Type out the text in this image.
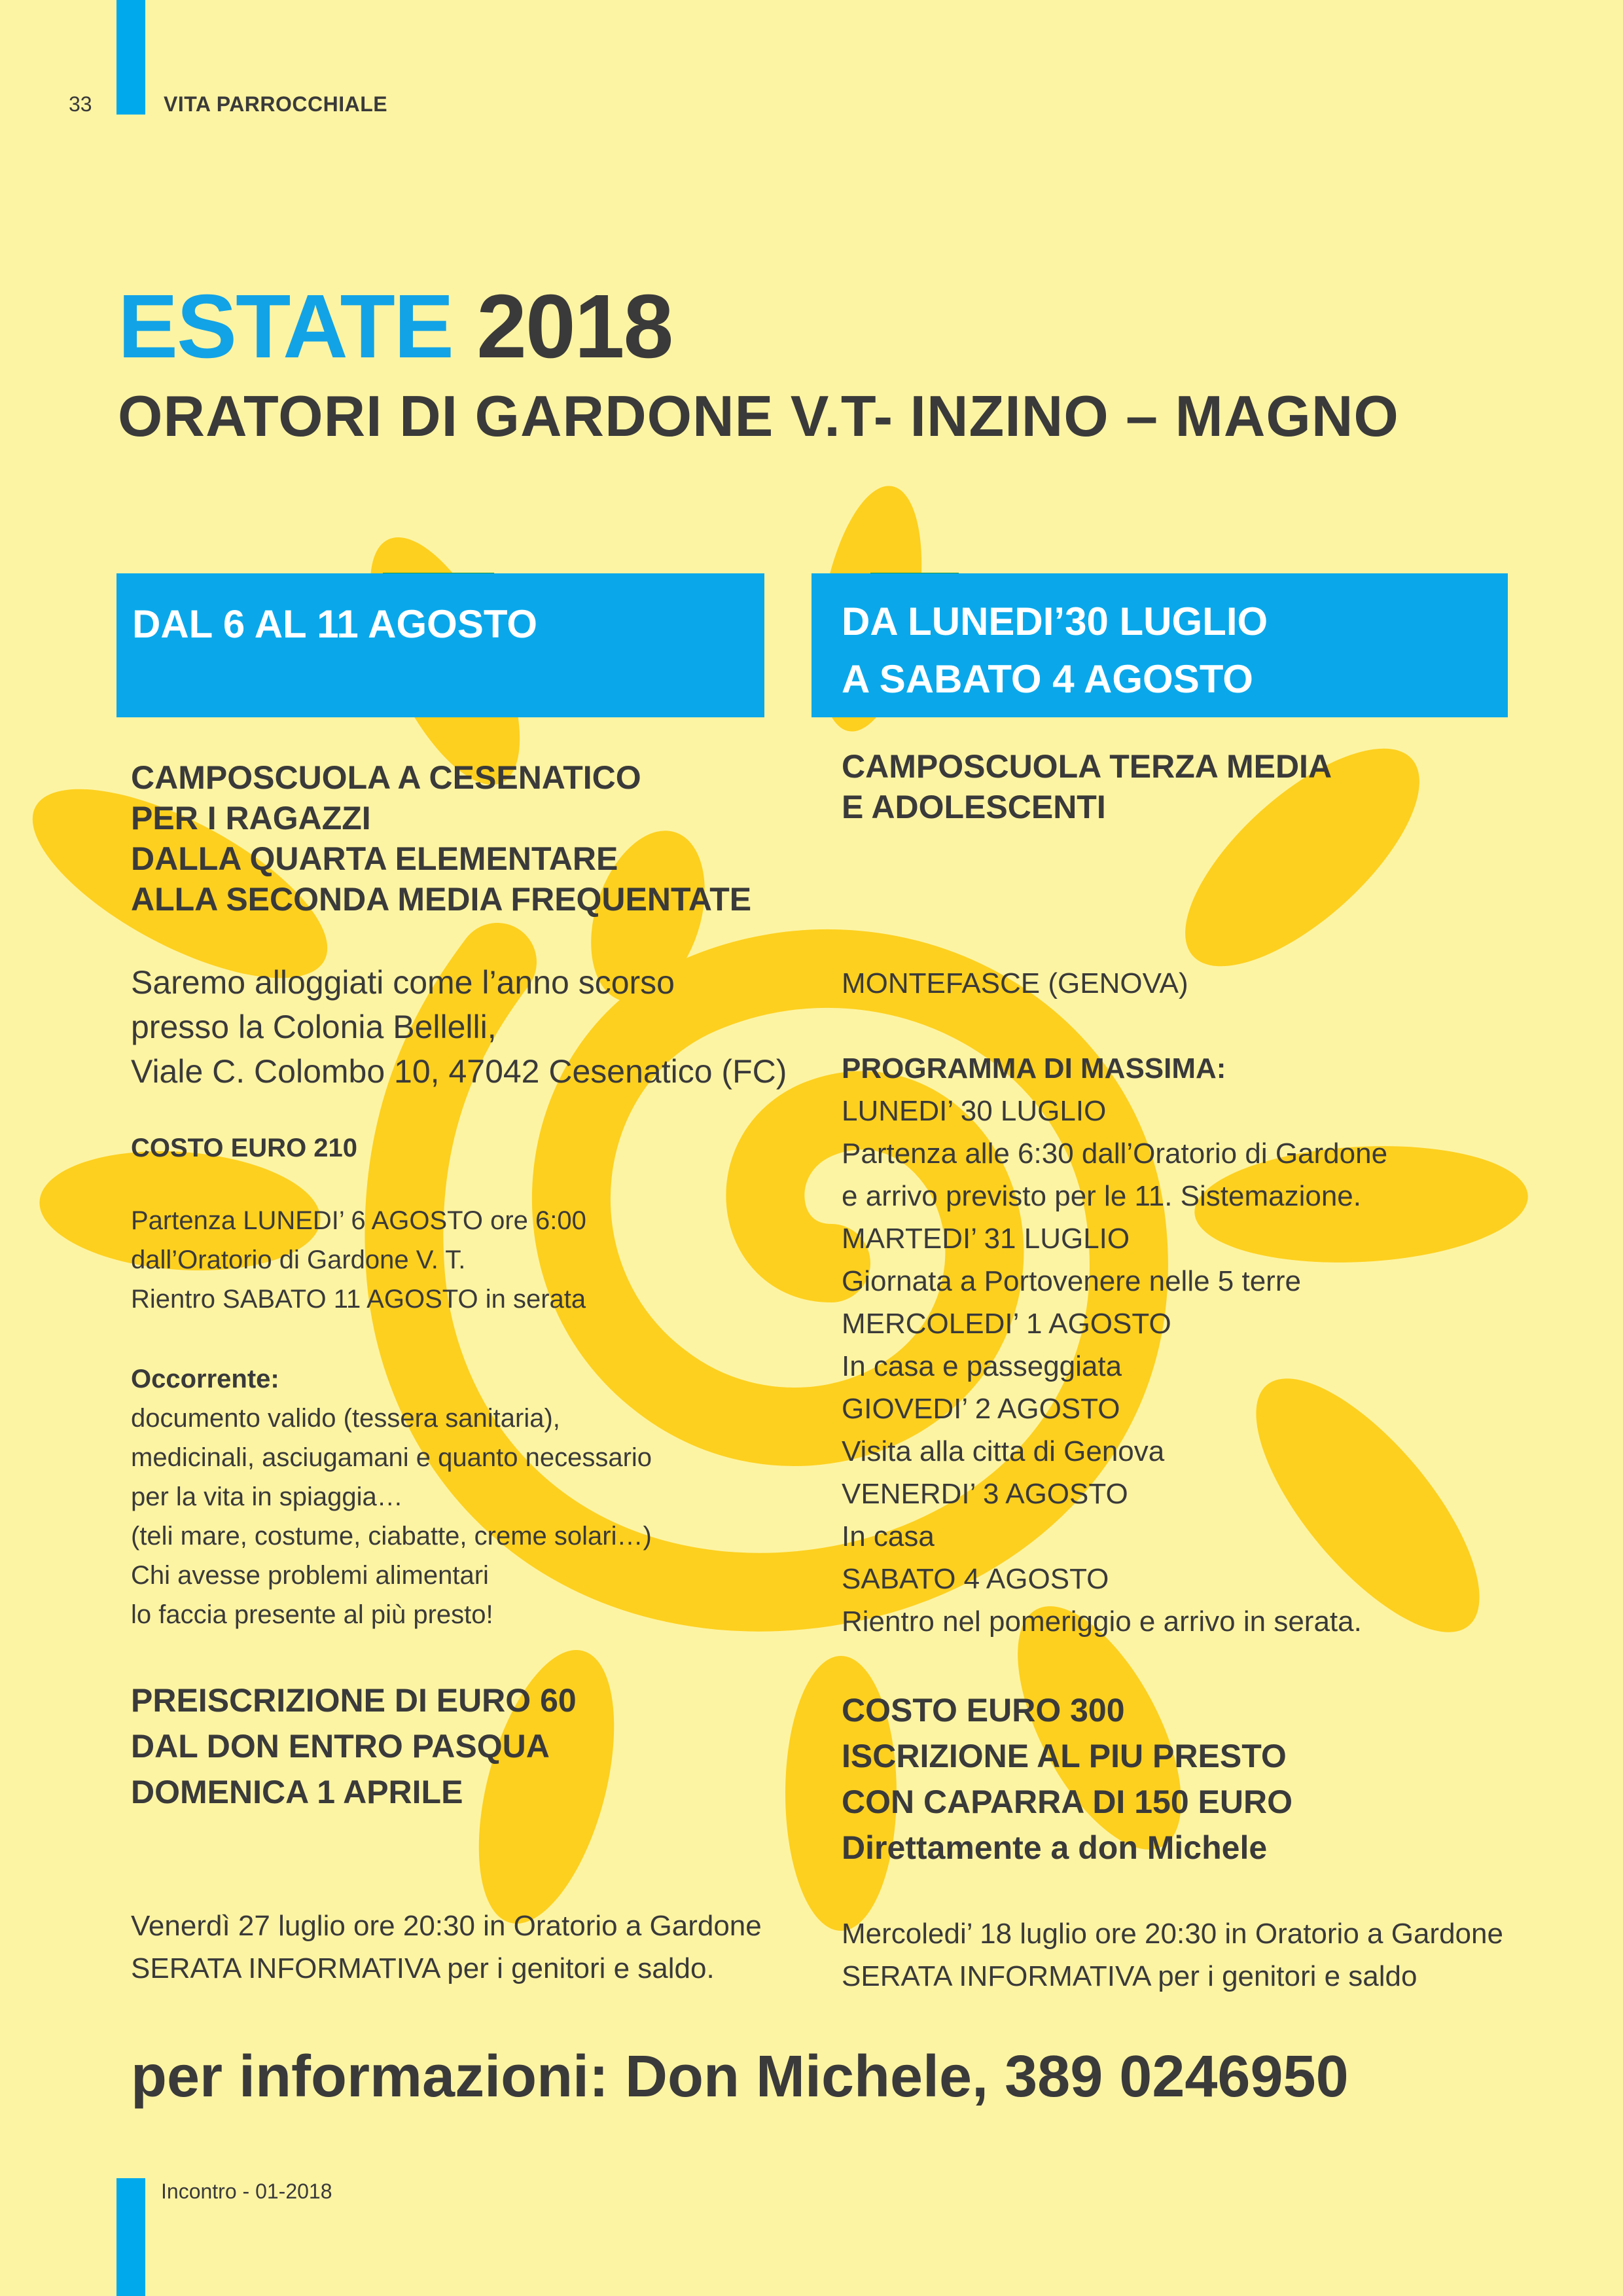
33	VITA PARROCCHIALE
ESTATE 2018
ORATORI DI GARDONE V.T- INZINO – MAGNO
DAL 6 AL 11 AGOSTO	DA LUNEDI’30 LUGLIO
A SABATO 4 AGOSTO
CAMPOSCUOLA A CESENATICO
PER I RAGAZZI
DALLA QUARTA ELEMENTARE
ALLA SECONDA MEDIA FREQUENTATE
Saremo alloggiati come l’anno scorso
presso la Colonia Bellelli,
Viale C. Colombo 10, 47042 Cesenatico (FC)
COSTO EURO 210
Partenza LUNEDI’ 6 AGOSTO ore 6:00
dall’Oratorio di Gardone V. T.
Rientro SABATO 11 AGOSTO in serata
Occorrente:
documento valido (tessera sanitaria),
medicinali, asciugamani e quanto necessario
per la vita in spiaggia…
(teli mare, costume, ciabatte, creme solari…)
Chi avesse problemi alimentari
lo faccia presente al più presto!
PREISCRIZIONE DI EURO 60
DAL DON ENTRO PASQUA
DOMENICA 1 APRILE
Venerdì 27 luglio ore 20:30 in Oratorio a Gardone
SERATA INFORMATIVA per i genitori e saldo.
CAMPOSCUOLA TERZA MEDIA
E ADOLESCENTI
MONTEFASCE (GENOVA)
PROGRAMMA DI MASSIMA:
LUNEDI’ 30 LUGLIO
Partenza alle 6:30 dall’Oratorio di Gardone
e arrivo previsto per le 11. Sistemazione.
MARTEDI’ 31 LUGLIO
Giornata a Portovenere nelle 5 terre
MERCOLEDI’ 1 AGOSTO
In casa e passeggiata
GIOVEDI’ 2 AGOSTO
Visita alla citta di Genova
VENERDI’ 3 AGOSTO
In casa
SABATO 4 AGOSTO
Rientro nel pomeriggio e arrivo in serata.
COSTO EURO 300
ISCRIZIONE AL PIU PRESTO
CON CAPARRA DI 150 EURO
Direttamente a don Michele
Mercoledi’ 18 luglio ore 20:30 in Oratorio a Gardone
SERATA INFORMATIVA per i genitori e saldo
per informazioni: Don Michele, 389 0246950
Incontro - 01-2018
